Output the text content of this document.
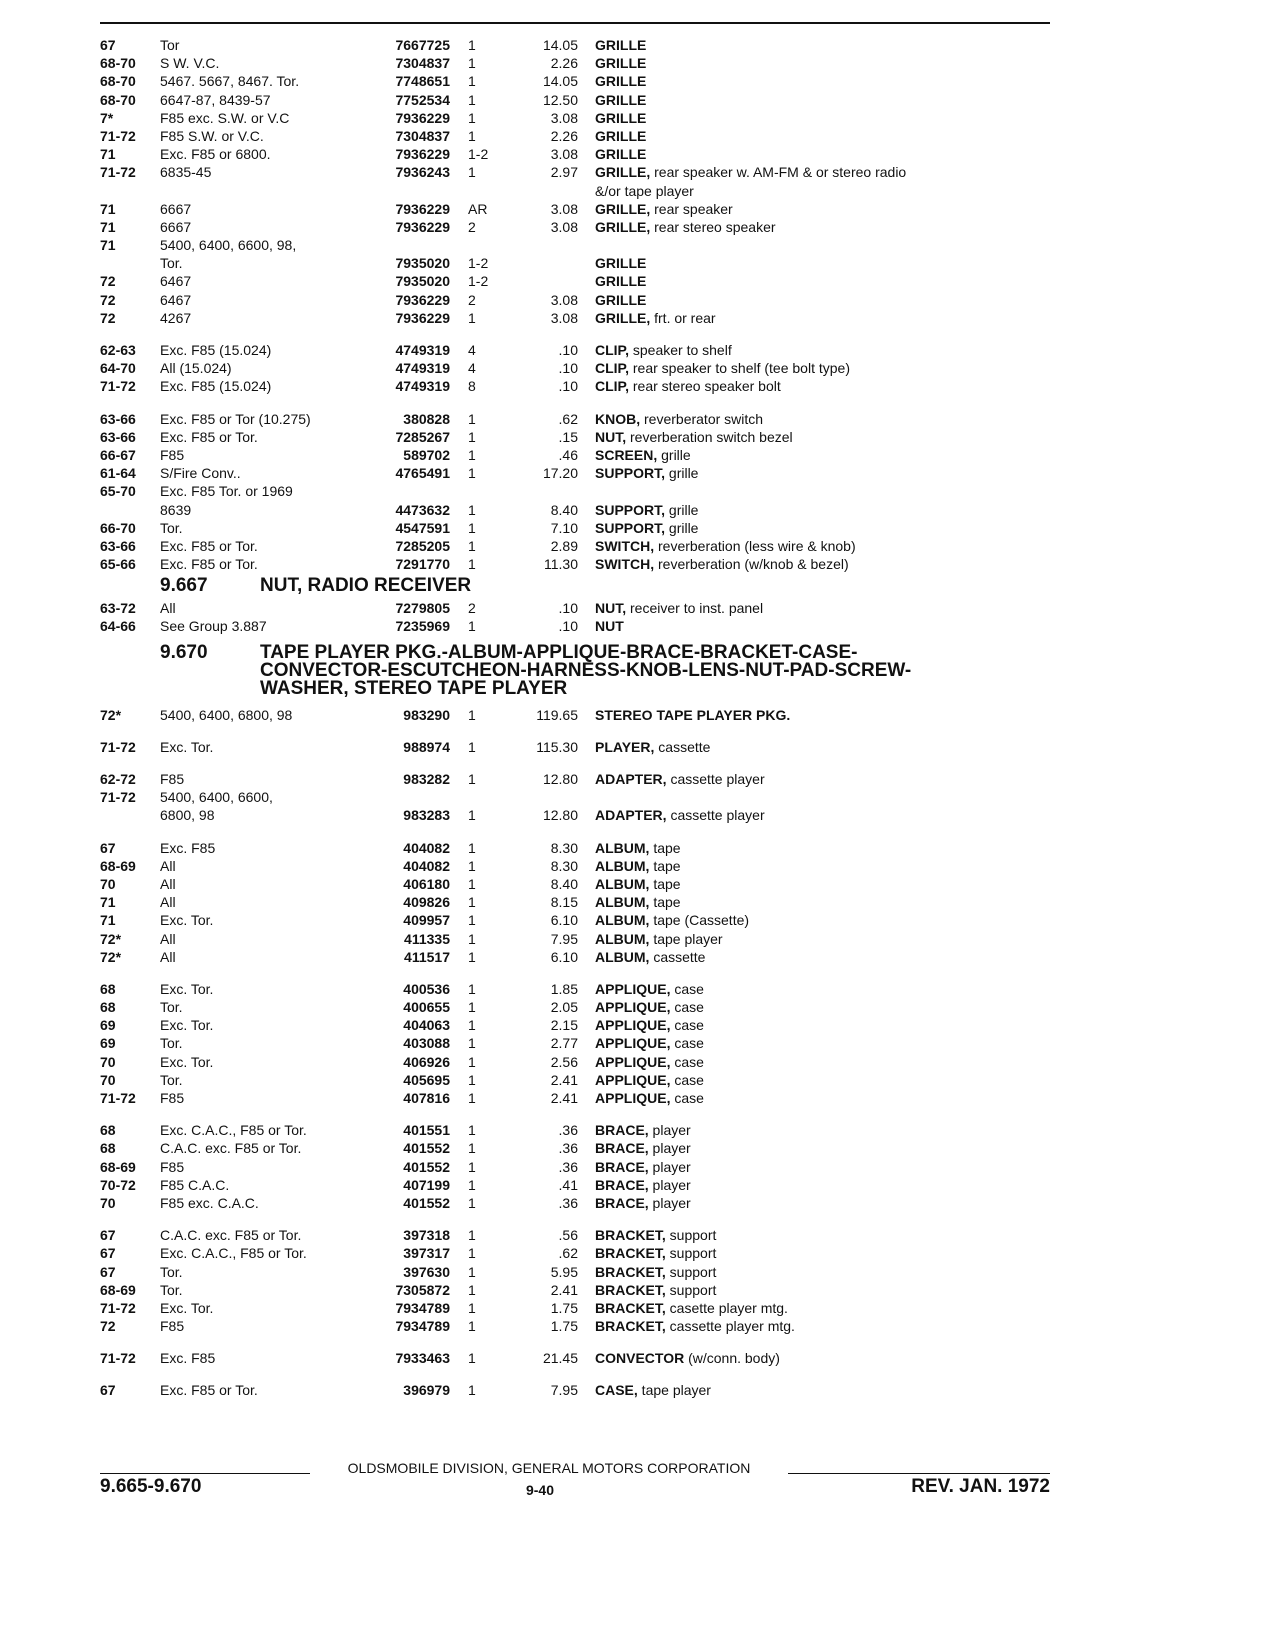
67	Tor	7667725	1	14.05 GRILLE
68-70	S W. V.C.	7304837	1	2.26 GRILLE
68-70	5467. 5667, 8467. Tor.	7748651	1	14.05 GRILLE
68-70	6647-87, 8439-57	7752534	1	12.50 GRILLE
7*	F85 exc. S.W. or V.C	7936229	1	3.08 GRILLE
71-72	F85 S.W. or V.C.	7304837	1	2.26 GRILLE
71	Exc. F85 or 6800.	7936229	1-2	3.08 GRILLE
71-72	6835-45	7936243	1	2.97 GRILLE, rear speaker w. AM-FM & or stereo radio
&/or tape player
71	6667	7936229	AR	3.08 GRILLE, rear speaker
71	6667	7936229	2	3.08 GRILLE, rear stereo speaker
71	5400, 6400, 6600, 98,
Tor.	7935020	1-2	GRILLE
72	6467	7935020	1-2	GRILLE
72	6467	7936229	2	3.08 GRILLE
72	4267	7936229	1	3.08 GRILLE, frt. or rear
62-63	Exc. F85 (15.024)	4749319	4	.10 CLIP, speaker to shelf
64-70	All (15.024)	4749319	4	.10 CLIP, rear speaker to shelf (tee bolt type)
71-72	Exc. F85 (15.024)	4749319	8	.10 CLIP, rear stereo speaker bolt
63-66	Exc. F85 or Tor (10.275)	380828	1	.62 KNOB, reverberator switch
63-66	Exc. F85 or Tor.	7285267	1	.15 NUT, reverberation switch bezel
66-67	F85	589702	1	.46 SCREEN, grille
61-64	S/Fire Conv..	4765491	1	17.20 SUPPORT, grille
65-70	Exc. F85 Tor. or 1969
8639	4473632	1	8.40 SUPPORT, grille
66-70	Tor.	4547591	1	7.10 SUPPORT, grille
63-66	Exc. F85 or Tor.	7285205	1	2.89 SWITCH, reverberation (less wire & knob)
65-66	Exc. F85 or Tor.	7291770	1	11.30 SWITCH, reverberation (w/knob & bezel)
9.667	NUT, RADIO RECEIVER
63-72	All	7279805	2	.10 NUT, receiver to inst. panel
64-66	See Group 3.887	7235969	1	.10 NUT
9.670	TAPE PLAYER PKG.-ALBUM-APPLIQUE-BRACE-BRACKET-CASE-
CONVECTOR-ESCUTCHEON-HARNESS-KNOB-LENS-NUT-PAD-SCREW-
WASHER, STEREO TAPE PLAYER
72*	5400, 6400, 6800, 98	983290	1	119.65 STEREO TAPE PLAYER PKG.
71-72	Exc. Tor.	988974	1	115.30 PLAYER, cassette
62-72	F85	983282	1	12.80 ADAPTER, cassette player
71-72	5400, 6400, 6600,
6800, 98	983283	1	12.80 ADAPTER, cassette player
67	Exc. F85	404082	1	8.30 ALBUM, tape
68-69	All	404082	1	8.30 ALBUM, tape
70	All	406180	1	8.40 ALBUM, tape
71	All	409826	1	8.15 ALBUM, tape
71	Exc. Tor.	409957	1	6.10 ALBUM, tape (Cassette)
72*	All	411335	1	7.95 ALBUM, tape player
72*	All	411517	1	6.10 ALBUM, cassette
68	Exc. Tor.	400536	1	1.85 APPLIQUE, case
68	Tor.	400655	1	2.05 APPLIQUE, case
69	Exc. Tor.	404063	1	2.15 APPLIQUE, case
69	Tor.	403088	1	2.77 APPLIQUE, case
70	Exc. Tor.	406926	1	2.56 APPLIQUE, case
70	Tor.	405695	1	2.41 APPLIQUE, case
71-72	F85	407816	1	2.41 APPLIQUE, case
68	Exc. C.A.C., F85 or Tor.	401551	1	.36 BRACE, player
68	C.A.C. exc. F85 or Tor.	401552	1	.36 BRACE, player
68-69	F85	401552	1	.36 BRACE, player
70-72	F85 C.A.C.	407199	1	.41 BRACE, player
70	F85 exc. C.A.C.	401552	1	.36 BRACE, player
67	C.A.C. exc. F85 or Tor.	397318	1	.56 BRACKET, support
67	Exc. C.A.C., F85 or Tor.	397317	1	.62 BRACKET, support
67	Tor.	397630	1	5.95 BRACKET, support
68-69	Tor.	7305872	1	2.41 BRACKET, support
71-72	Exc. Tor.	7934789	1	1.75 BRACKET, casette player mtg.
72	F85	7934789	1	1.75 BRACKET, cassette player mtg.
71-72	Exc. F85	7933463	1	21.45 CONVECTOR (w/conn. body)
67	Exc. F85 or Tor.	396979	1	7.95 CASE, tape player
OLDSMOBILE DIVISION, GENERAL MOTORS CORPORATION
9.665-9.670	9-40	REV. JAN. 1972
